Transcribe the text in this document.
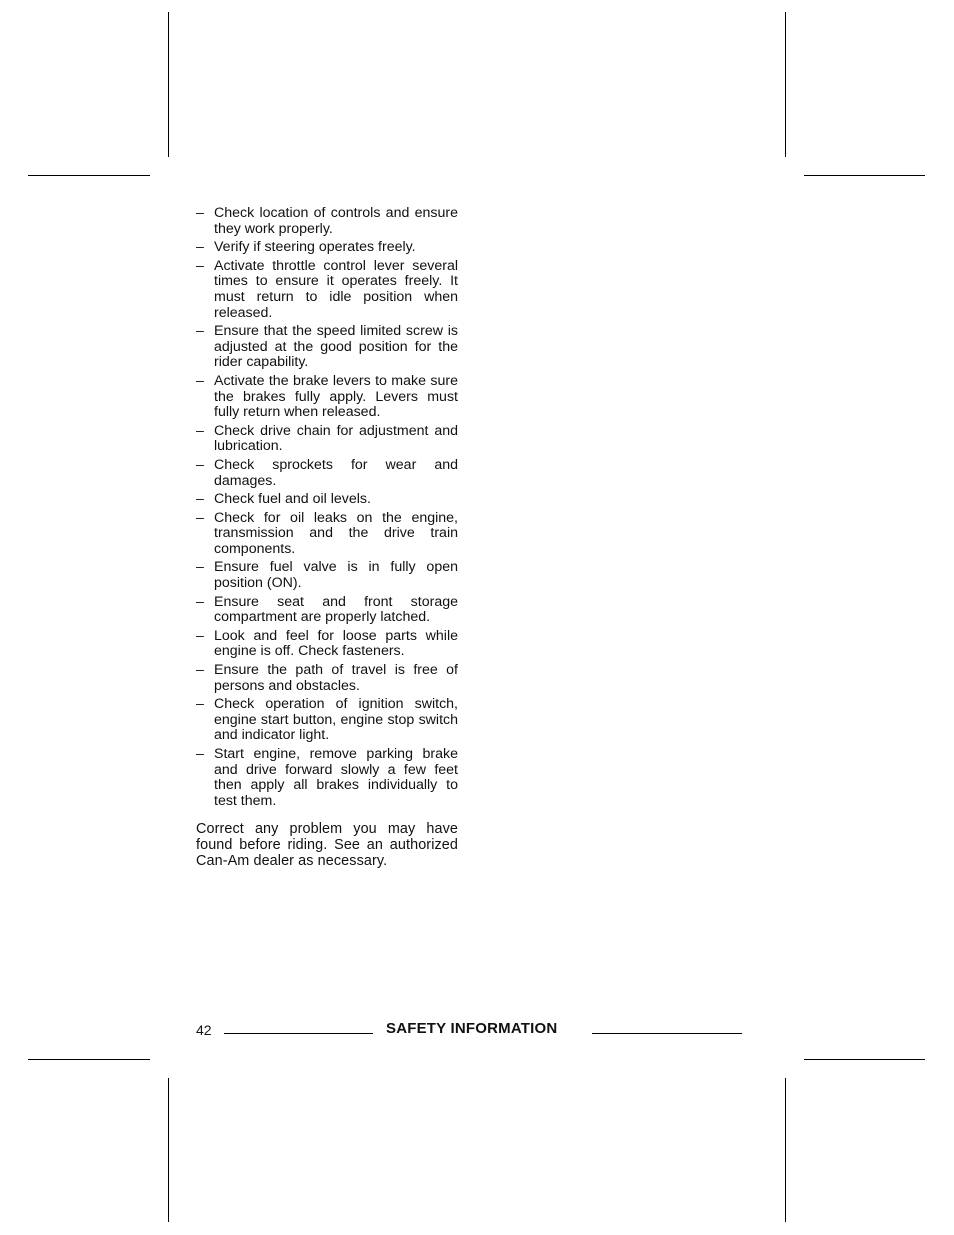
– Check location of controls and ensure they work properly.
– Verify if steering operates freely.
– Activate throttle control lever several times to ensure it operates freely. It must return to idle position when released.
– Ensure that the speed limited screw is adjusted at the good position for the rider capability.
– Activate the brake levers to make sure the brakes fully apply. Levers must fully return when released.
– Check drive chain for adjustment and lubrication.
– Check sprockets for wear and damages.
– Check fuel and oil levels.
– Check for oil leaks on the engine, transmission and the drive train components.
– Ensure fuel valve is in fully open position (ON).
– Ensure seat and front storage compartment are properly latched.
– Look and feel for loose parts while engine is off. Check fasteners.
– Ensure the path of travel is free of persons and obstacles.
– Check operation of ignition switch, engine start button, engine stop switch and indicator light.
– Start engine, remove parking brake and drive forward slowly a few feet then apply all brakes individually to test them.
Correct any problem you may have found before riding. See an authorized Can-Am dealer as necessary.
42	SAFETY INFORMATION
